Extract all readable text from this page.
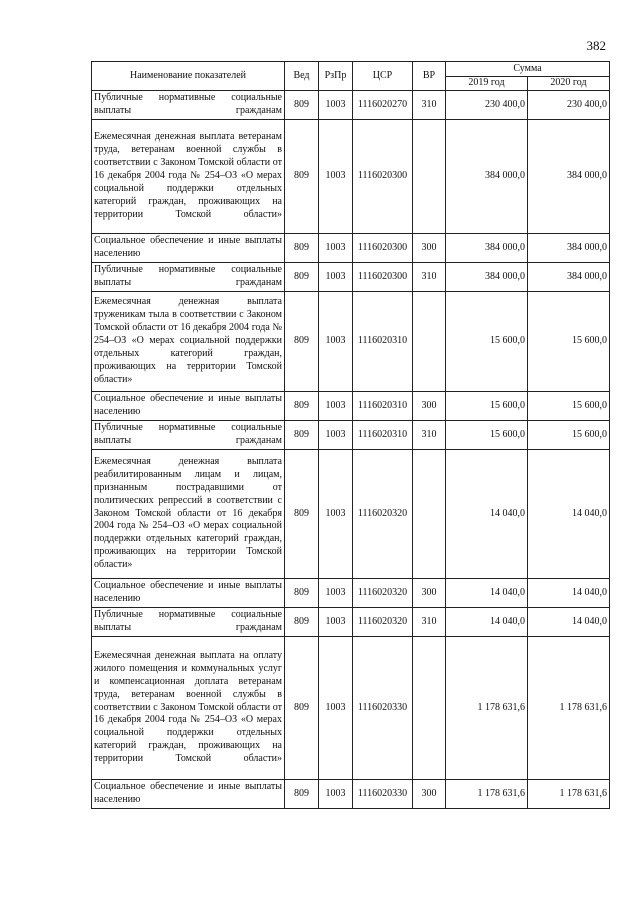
382
Наименование показателей	Вед	РзПр	ЦСР	ВР	Сумма	
					2019 год	2020 год
Публичные нормативные социальные выплаты гражданам	809	1003	1116020270	310	230 400,0	230 400,0
Ежемесячная денежная выплата ветеранам труда, ветеранам военной службы в соответствии с Законом Томской области от 16 декабря 2004 года № 254–ОЗ «О мерах социальной поддержки отдельных категорий граждан, проживающих на территории Томской области»	809	1003	1116020300		384 000,0	384 000,0
Социальное обеспечение и иные выплаты населению	809	1003	1116020300	300	384 000,0	384 000,0
Публичные нормативные социальные выплаты гражданам	809	1003	1116020300	310	384 000,0	384 000,0
Ежемесячная денежная выплата труженикам тыла в соответствии с Законом Томской области от 16 декабря 2004 года № 254–ОЗ «О мерах социальной поддержки отдельных категорий граждан, проживающих на территории Томской области»	809	1003	1116020310		15 600,0	15 600,0
Социальное обеспечение и иные выплаты населению	809	1003	1116020310	300	15 600,0	15 600,0
Публичные нормативные социальные выплаты гражданам	809	1003	1116020310	310	15 600,0	15 600,0
Ежемесячная денежная выплата реабилитированным лицам и лицам, признанным пострадавшими от политических репрессий в соответствии с Законом Томской области от 16 декабря 2004 года № 254–ОЗ «О мерах социальной поддержки отдельных категорий граждан, проживающих на территории Томской области»	809	1003	1116020320		14 040,0	14 040,0
Социальное обеспечение и иные выплаты населению	809	1003	1116020320	300	14 040,0	14 040,0
Публичные нормативные социальные выплаты гражданам	809	1003	1116020320	310	14 040,0	14 040,0
Ежемесячная денежная выплата на оплату жилого помещения и коммунальных услуг и компенсационная доплата ветеранам труда, ветеранам военной службы в соответствии с Законом Томской области от 16 декабря 2004 года № 254–ОЗ «О мерах социальной поддержки отдельных категорий граждан, проживающих на территории Томской области»	809	1003	1116020330		1 178 631,6	1 178 631,6
Социальное обеспечение и иные выплаты населению	809	1003	1116020330	300	1 178 631,6	1 178 631,6
